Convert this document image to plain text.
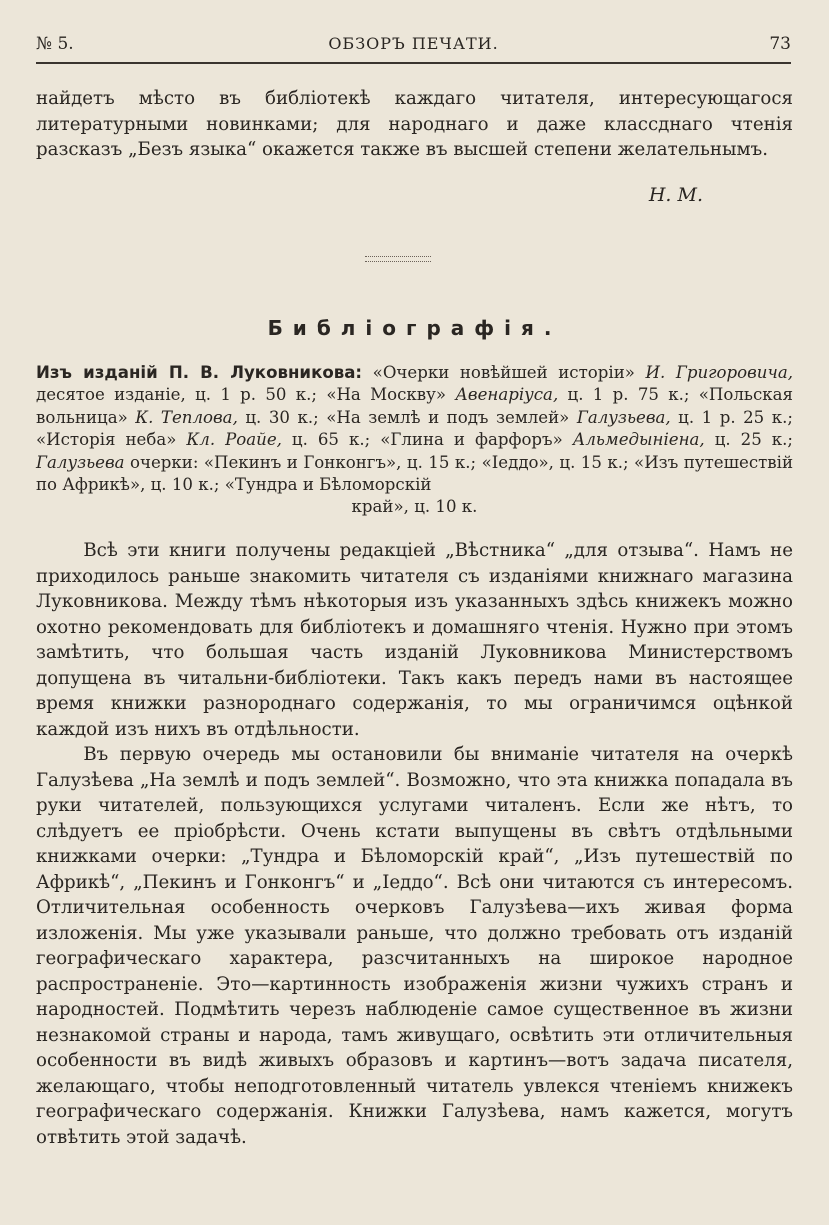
№ 5.	ОБЗОРЪ ПЕЧАТИ.	73

найдетъ мѣсто въ библіотекѣ каждаго читателя, интересующагося литературными новинками; для народнаго и даже классднаго чтенія разсказъ „Безъ языка“ окажется также въ высшей степени желательнымъ.

Н. М.
Библіографія.
Изъ изданій П. В. Луковникова: «Очерки новѣйшей исторіи» И. Григоровича, десятое изданіе, ц. 1 р. 50 к.; «На Москву» Авенаріуса, ц. 1 р. 75 к.; «Польская вольница» К. Теплова, ц. 30 к.; «На землѣ и подъ землей» Галузьева, ц. 1 р. 25 к.; «Исторія неба» Кл. Роайе, ц. 65 к.; «Глина и фарфоръ» Альмедыніена, ц. 25 к.; Галузьева очерки: «Пекинъ и Гонконгъ», ц. 15 к.; «Іеддо», ц. 15 к.; «Изъ путешествій по Африкѣ», ц. 10 к.; «Тундра и Бѣломорскій
край», ц. 10 к.

Всѣ эти книги получены редакціей „Вѣстника“ „для отзыва“. Намъ не приходилось раньше знакомить читателя съ изданіями книжнаго магазина Луковникова. Между тѣмъ нѣкоторыя изъ указанныхъ здѣсь книжекъ можно охотно рекомендовать для библіотекъ и домашняго чтенія. Нужно при этомъ замѣтить, что большая часть изданій Луковникова Министерствомъ допущена въ читальни-библіотеки. Такъ какъ передъ нами въ настоящее время книжки разнороднаго содержанія, то мы ограничимся оцѣнкой каждой изъ нихъ въ отдѣльности.

Въ первую очередь мы остановили бы вниманіе читателя на очеркѣ Галузѣева „На землѣ и подъ землей“. Возможно, что эта книжка попадала въ руки читателей, пользующихся услугами читаленъ. Если же нѣтъ, то слѣдуетъ ее пріобрѣсти. Очень кстати выпущены въ свѣтъ отдѣльными книжками очерки: „Тундра и Бѣломорскій край“, „Изъ путешествій по Африкѣ“, „Пекинъ и Гонконгъ“ и „Іеддо“. Всѣ они читаются съ интересомъ. Отличительная особенность очерковъ Галузѣева—ихъ живая форма изложенія. Мы уже указывали раньше, что должно требовать отъ изданій географическаго характера, разсчитанныхъ на широкое народное распространеніе. Это—картинность изображенія жизни чужихъ странъ и народностей. Подмѣтить черезъ наблюденіе самое существенное въ жизни незнакомой страны и народа, тамъ живущаго, освѣтить эти отличительныя особенности въ видѣ живыхъ образовъ и картинъ—вотъ задача писателя, желающаго, чтобы неподготовленный читатель увлекся чтеніемъ книжекъ географическаго содержанія. Книжки Галузѣева, намъ кажется, могутъ отвѣтить этой задачѣ.
